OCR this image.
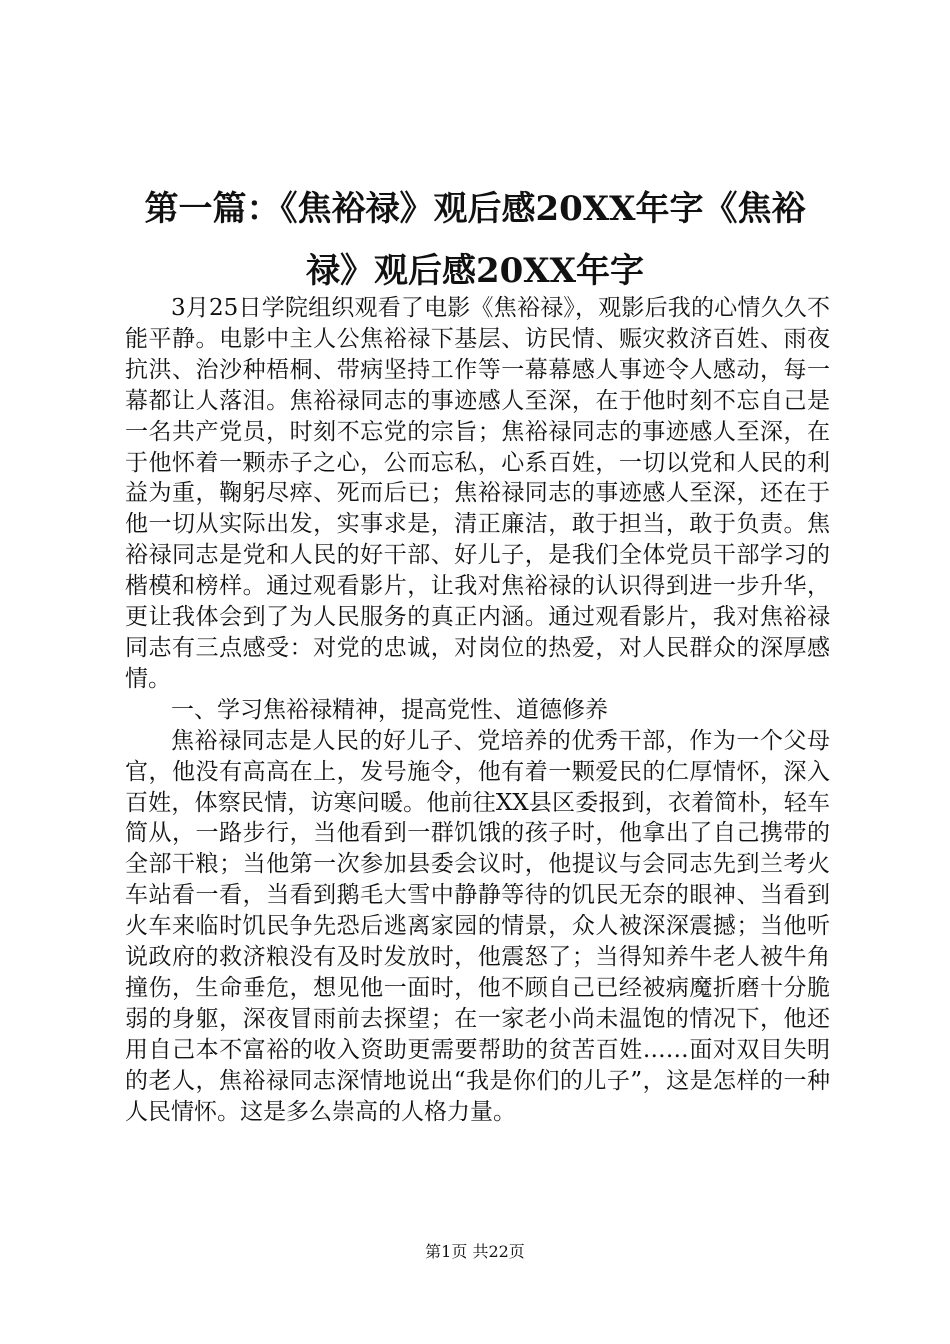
第一篇：《焦裕禄》观后感20XX年字《焦裕
禄》观后感20XX年字

3月25日学院组织观看了电影《焦裕禄》，观影后我的心情久久不能平静。电影中主人公焦裕禄下基层、访民情、赈灾救济百姓、雨夜抗洪、治沙种梧桐、带病坚持工作等一幕幕感人事迹令人感动，每一幕都让人落泪。焦裕禄同志的事迹感人至深，在于他时刻不忘自己是一名共产党员，时刻不忘党的宗旨；焦裕禄同志的事迹感人至深，在于他怀着一颗赤子之心，公而忘私，心系百姓，一切以党和人民的利益为重，鞠躬尽瘁、死而后已；焦裕禄同志的事迹感人至深，还在于他一切从实际出发，实事求是，清正廉洁，敢于担当，敢于负责。焦裕禄同志是党和人民的好干部、好儿子，是我们全体党员干部学习的楷模和榜样。通过观看影片，让我对焦裕禄的认识得到进一步升华，更让我体会到了为人民服务的真正内涵。通过观看影片，我对焦裕禄同志有三点感受：对党的忠诚，对岗位的热爱，对人民群众的深厚感情。

一、学习焦裕禄精神，提高党性、道德修养

焦裕禄同志是人民的好儿子、党培养的优秀干部，作为一个父母官，他没有高高在上，发号施令，他有着一颗爱民的仁厚情怀，深入百姓，体察民情，访寒问暖。他前往XX县区委报到，衣着简朴，轻车简从，一路步行，当他看到一群饥饿的孩子时，他拿出了自己携带的全部干粮；当他第一次参加县委会议时，他提议与会同志先到兰考火车站看一看，当看到鹅毛大雪中静静等待的饥民无奈的眼神、当看到火车来临时饥民争先恐后逃离家园的情景，众人被深深震撼；当他听说政府的救济粮没有及时发放时，他震怒了；当得知养牛老人被牛角撞伤，生命垂危，想见他一面时，他不顾自己已经被病魔折磨十分脆弱的身躯，深夜冒雨前去探望；在一家老小尚未温饱的情况下，他还用自己本不富裕的收入资助更需要帮助的贫苦百姓……面对双目失明的老人，焦裕禄同志深情地说出“我是你们的儿子”，这是怎样的一种人民情怀。这是多么崇高的人格力量。

第1页 共22页
